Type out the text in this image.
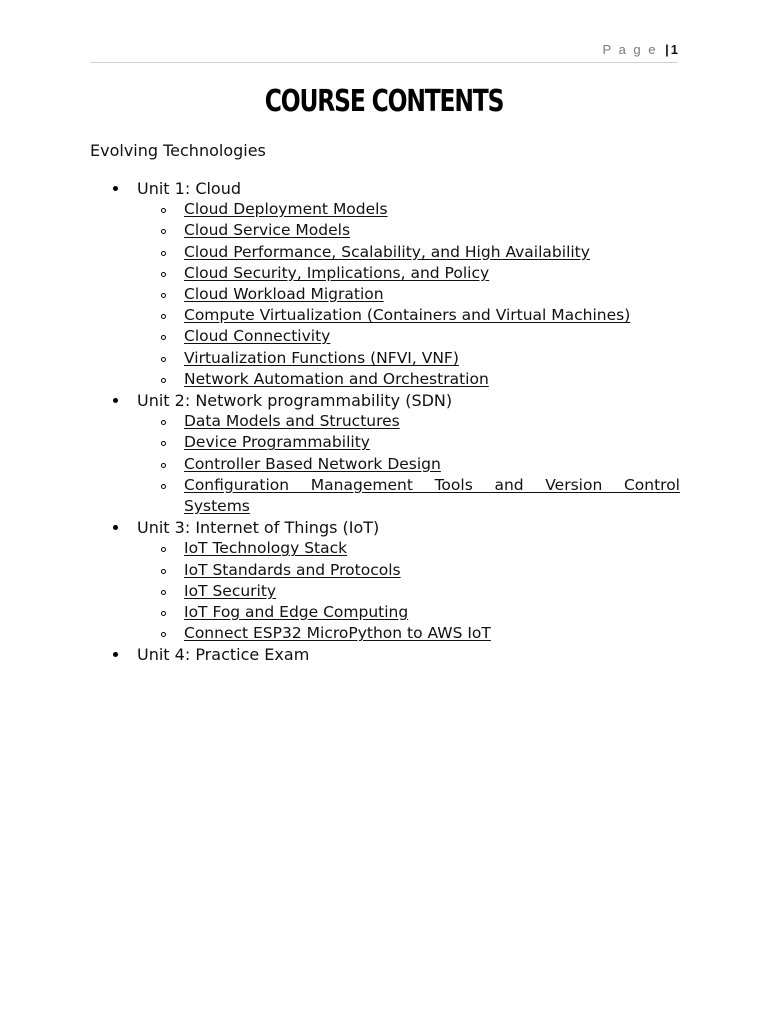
P a g e | 1
COURSE CONTENTS
Evolving Technologies
Unit 1: Cloud
Cloud Deployment Models
Cloud Service Models
Cloud Performance, Scalability, and High Availability
Cloud Security, Implications, and Policy
Cloud Workload Migration
Compute Virtualization (Containers and Virtual Machines)
Cloud Connectivity
Virtualization Functions (NFVI, VNF)
Network Automation and Orchestration
Unit 2: Network programmability (SDN)
Data Models and Structures
Device Programmability
Controller Based Network Design
Configuration Management Tools and Version Control
Systems
Unit 3: Internet of Things (IoT)
IoT Technology Stack
IoT Standards and Protocols
IoT Security
IoT Fog and Edge Computing
Connect ESP32 MicroPython to AWS IoT
Unit 4: Practice Exam
